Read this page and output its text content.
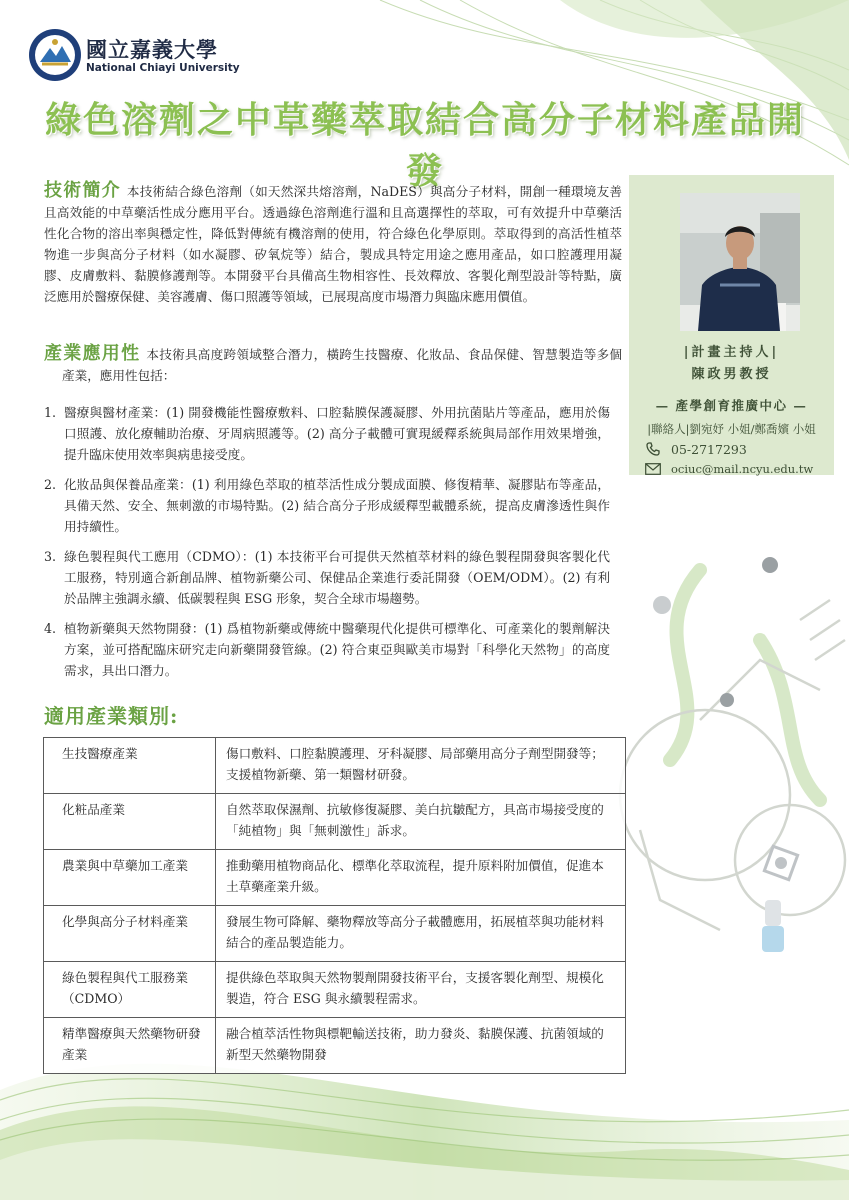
國立嘉義大學
National Chiayi University
綠色溶劑之中草藥萃取結合高分子材料產品開發
技術簡介 本技術結合綠色溶劑（如天然深共熔溶劑，NaDES）與高分子材料，開創一種環境友善且高效能的中草藥活性成分應用平台。透過綠色溶劑進行溫和且高選擇性的萃取，可有效提升中草藥活性化合物的溶出率與穩定性，降低對傳統有機溶劑的使用，符合綠色化學原則。萃取得到的高活性植萃物進一步與高分子材料（如水凝膠、矽氧烷等）結合，製成具特定用途之應用產品，如口腔護理用凝膠、皮膚敷料、黏膜修護劑等。本開發平台具備高生物相容性、長效釋放、客製化劑型設計等特點，廣泛應用於醫療保健、美容護膚、傷口照護等領域，已展現高度市場潛力與臨床應用價值。
產業應用性 本技術具高度跨領域整合潛力，橫跨生技醫療、化妝品、食品保健、智慧製造等多個產業，應用性包括：
1. 醫療與醫材產業：(1) 開發機能性醫療敷料、口腔黏膜保護凝膠、外用抗菌貼片等產品，應用於傷口照護、放化療輔助治療、牙周病照護等。(2) 高分子載體可實現緩釋系統與局部作用效果增強，提升臨床使用效率與病患接受度。
2. 化妝品與保養品產業：(1) 利用綠色萃取的植萃活性成分製成面膜、修復精華、凝膠貼布等產品，具備天然、安全、無刺激的市場特點。(2) 結合高分子形成緩釋型載體系統，提高皮膚滲透性與作用持續性。
3. 綠色製程與代工應用（CDMO）：(1) 本技術平台可提供天然植萃材料的綠色製程開發與客製化代工服務，特別適合新創品牌、植物新藥公司、保健品企業進行委託開發（OEM/ODM）。(2) 有利於品牌主強調永續、低碳製程與 ESG 形象，契合全球市場趨勢。
4. 植物新藥與天然物開發：(1) 爲植物新藥或傳統中醫藥現代化提供可標準化、可產業化的製劑解決方案，並可搭配臨床研究走向新藥開發管線。(2) 符合東亞與歐美市場對「科學化天然物」的高度需求，具出口潛力。
適用產業類別:
生技醫療產業	傷口敷料、口腔黏膜護理、牙科凝膠、局部藥用高分子劑型開發等；支援植物新藥、第一類醫材研發。
化粧品產業	自然萃取保濕劑、抗敏修復凝膠、美白抗皺配方，具高市場接受度的「純植物」與「無刺激性」訴求。
農業與中草藥加工產業	推動藥用植物商品化、標準化萃取流程，提升原料附加價值，促進本土草藥產業升級。
化學與高分子材料產業	發展生物可降解、藥物釋放等高分子載體應用，拓展植萃與功能材料結合的產品製造能力。
綠色製程與代工服務業（CDMO）	提供綠色萃取與天然物製劑開發技術平台，支援客製化劑型、規模化製造，符合 ESG 與永續製程需求。
精準醫療與天然藥物研發產業	融合植萃活性物與標靶輸送技術，助力發炎、黏膜保護、抗菌領域的新型天然藥物開發
|計畫主持人|
陳政男教授
— 產學創育推廣中心 —
|聯絡人|劉宛妤 小姐/鄭喬嬪 小姐
05-2717293
ociuc@mail.ncyu.edu.tw
